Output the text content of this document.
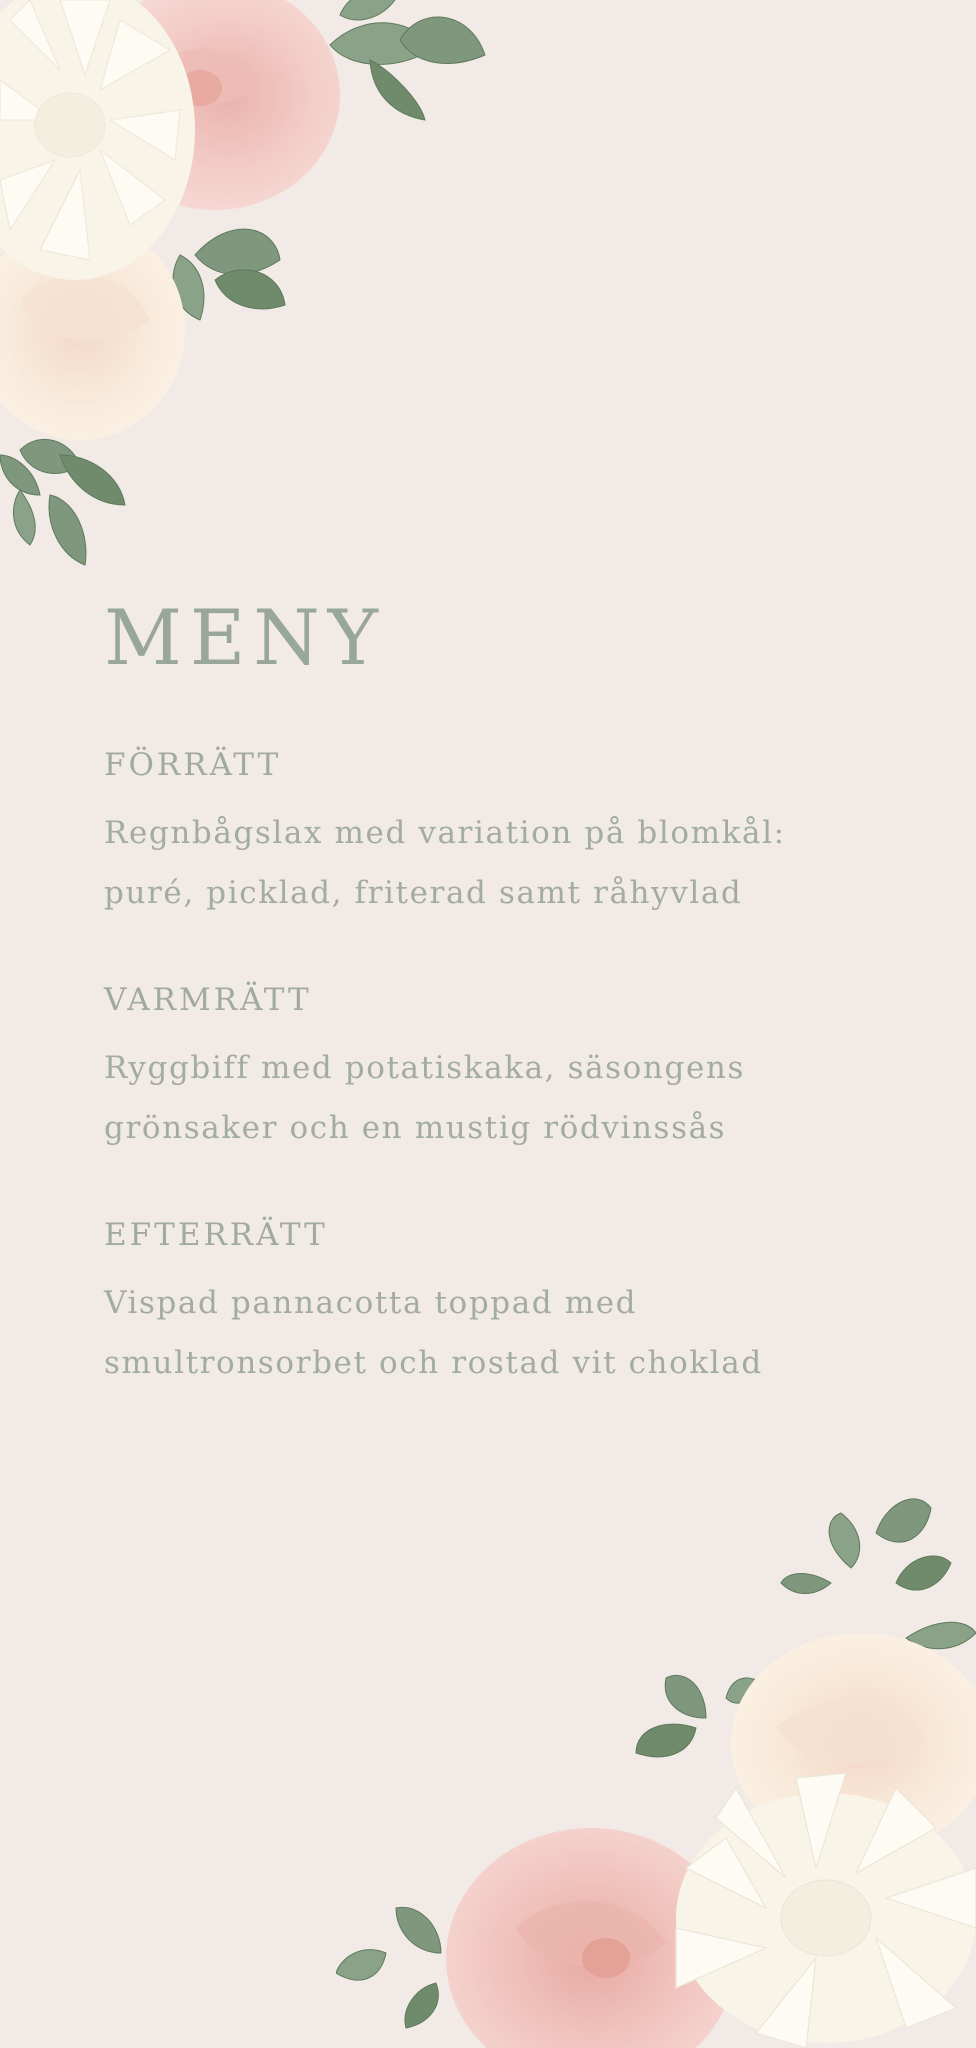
MENY
FÖRRÄTT
Regnbågslax med variation på blomkål:
puré, picklad, friterad samt råhyvlad
VARMRÄTT
Ryggbiff med potatiskaka, säsongens
grönsaker och en mustig rödvinssås
EFTERRÄTT
Vispad pannacotta toppad med
smultronsorbet och rostad vit choklad
